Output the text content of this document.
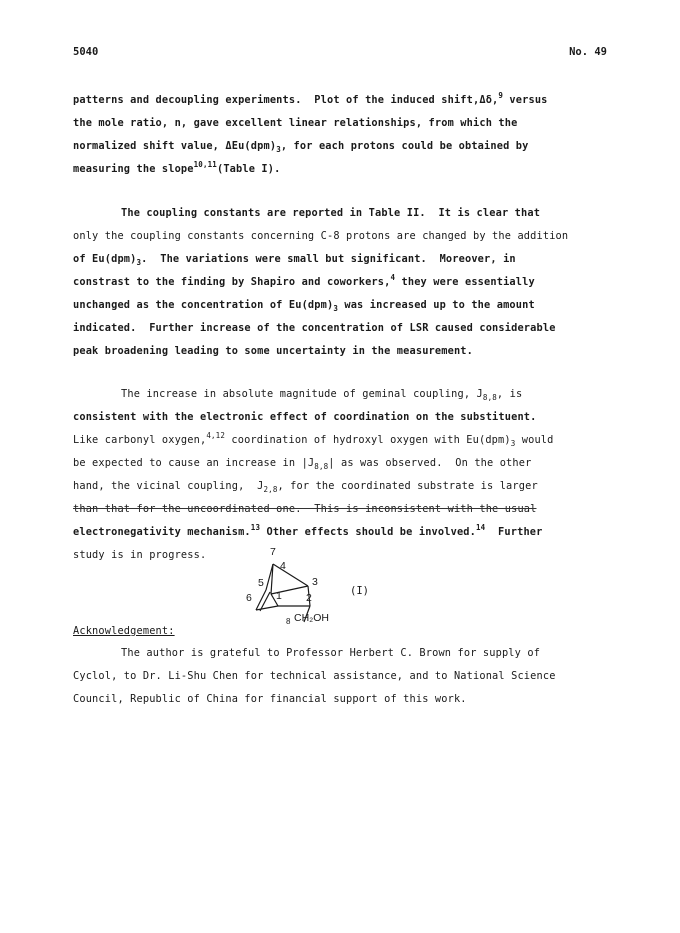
5040	No. 49
patterns and decoupling experiments.  Plot of the induced shift,Δδ,$^9$ versus
the mole ratio, n, gave excellent linear relationships, from which the
normalized shift value, $\Delta Eu(dpm)_3$, for each protons could be obtained by
measuring the slope$^{10,11}$(Table I).
The coupling constants are reported in Table II.  It is clear that
only the coupling constants concerning C-8 protons are changed by the addition
of $Eu(dpm)_3$.  The variations were small but significant.  Moreover, in
constrast to the finding by Shapiro and coworkers,$^4$ they were essentially
unchanged as the concentration of $Eu(dpm)_3$ was increased up to the amount
indicated.  Further increase of the concentration of LSR caused considerable
peak broadening leading to some uncertainty in the measurement.
The increase in absolute magnitude of geminal coupling, $J_{8,8}$, is
consistent with the electronic effect of coordination on the substituent.
Like carbonyl oxygen,$^{4,12}$ coordination of hydroxyl oxygen with $Eu(dpm)_3$ would
be expected to cause an increase in $|J_{8,8}|$ as was observed.  On the other
hand, the vicinal coupling,  $J_{2,8}$, for the coordinated substrate is larger
than that for the uncoordinated one.  This is inconsistent with the usual
electronegativity mechanism.$^{13}$ Other effects should be involved.$^{14}$  Further
study is in progress.	7
4
5	3
6 1 2
8 CH₂OH
(I)
Acknowledgement:
The author is grateful to Professor Herbert C. Brown for supply of
Cyclol, to Dr. Li-Shu Chen for technical assistance, and to National Science
Council, Republic of China for financial support of this work.
